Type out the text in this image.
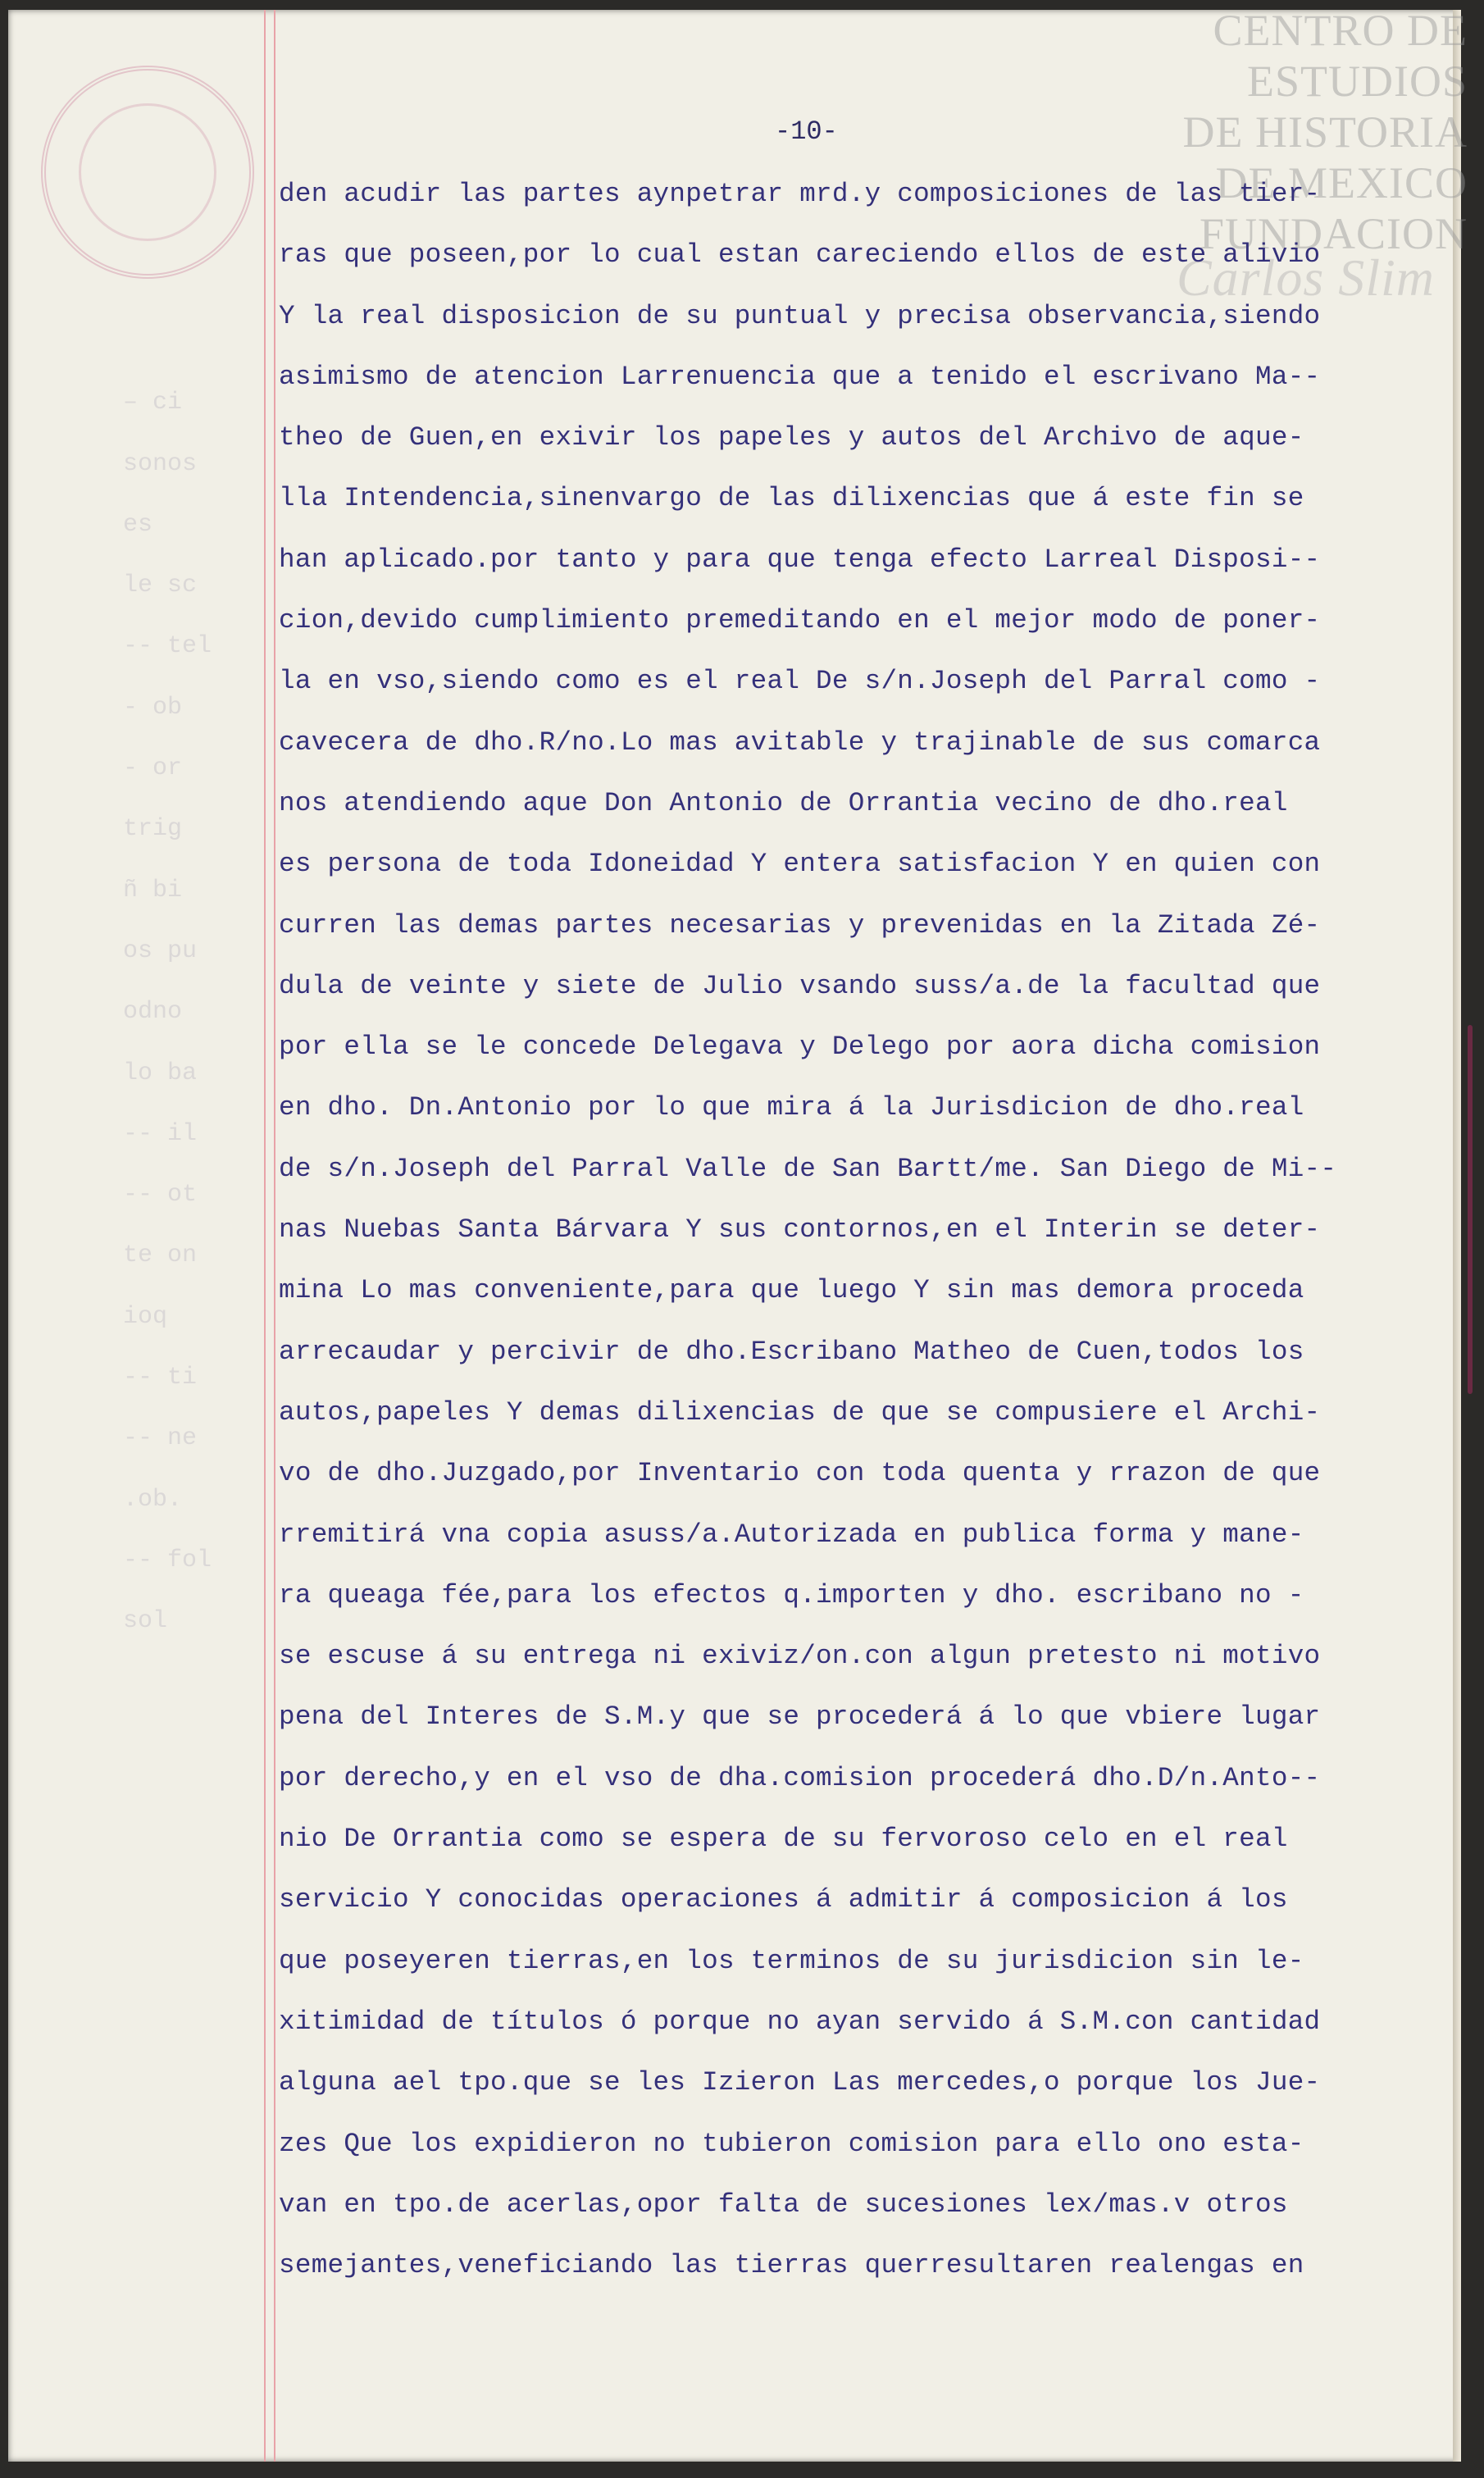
– ci
sonos
es
le sc
-- tel
- ob
- or
trig
ñ bi
os pu
odno
lo ba
-- il
-- ot
te on
ioq
-- ti
-- ne
.ob.
-- fol
sol

CENTRO DE
ESTUDIOS
DE HISTORIA
DE MEXICO
FUNDACION
Carlos Slim
-10-
den acudir las partes aynpetrar mrd.y composiciones de las tier-
ras que poseen,por lo cual estan careciendo ellos de este alivio
Y la real disposicion de su puntual y precisa observancia,siendo
asimismo de atencion Larrenuencia que a tenido el escrivano Ma--
theo de Guen,en exivir los papeles y autos del Archivo de aque-
lla Intendencia,sinenvargo de las dilixencias que á este fin se
han aplicado.por tanto y para que tenga efecto Larreal Disposi--
cion,devido cumplimiento premeditando en el mejor modo de poner-
la en vso,siendo como es el real De s/n.Joseph del Parral como -
cavecera de dho.R/no.Lo mas avitable y trajinable de sus comarca
nos atendiendo aque Don Antonio de Orrantia vecino de dho.real
es persona de toda Idoneidad Y entera satisfacion Y en quien con
curren las demas partes necesarias y prevenidas en la Zitada Zé-
dula de veinte y siete de Julio vsando suss/a.de la facultad que
por ella se le concede Delegava y Delego por aora dicha comision
en dho. Dn.Antonio por lo que mira á la Jurisdicion de dho.real
de s/n.Joseph del Parral Valle de San Bartt/me. San Diego de Mi--
nas Nuebas Santa Bárvara Y sus contornos,en el Interin se deter-
mina Lo mas conveniente,para que luego Y sin mas demora proceda
arrecaudar y percivir de dho.Escribano Matheo de Cuen,todos los
autos,papeles Y demas dilixencias de que se compusiere el Archi-
vo de dho.Juzgado,por Inventario con toda quenta y rrazon de que
rremitirá vna copia asuss/a.Autorizada en publica forma y mane-
ra queaga fée,para los efectos q.importen y dho. escribano no -
se escuse á su entrega ni exiviz/on.con algun pretesto ni motivo
pena del Interes de S.M.y que se procederá á lo que vbiere lugar
por derecho,y en el vso de dha.comision procederá dho.D/n.Anto--
nio De Orrantia como se espera de su fervoroso celo en el real
servicio Y conocidas operaciones á admitir á composicion á los
que poseyeren tierras,en los terminos de su jurisdicion sin le-
xitimidad de títulos ó porque no ayan servido á S.M.con cantidad
alguna ael tpo.que se les Izieron Las mercedes,o porque los Jue-
zes Que los expidieron no tubieron comision para ello ono esta-
van en tpo.de acerlas,opor falta de sucesiones lex/mas.v otros
semejantes,veneficiando las tierras querresultaren realengas en
